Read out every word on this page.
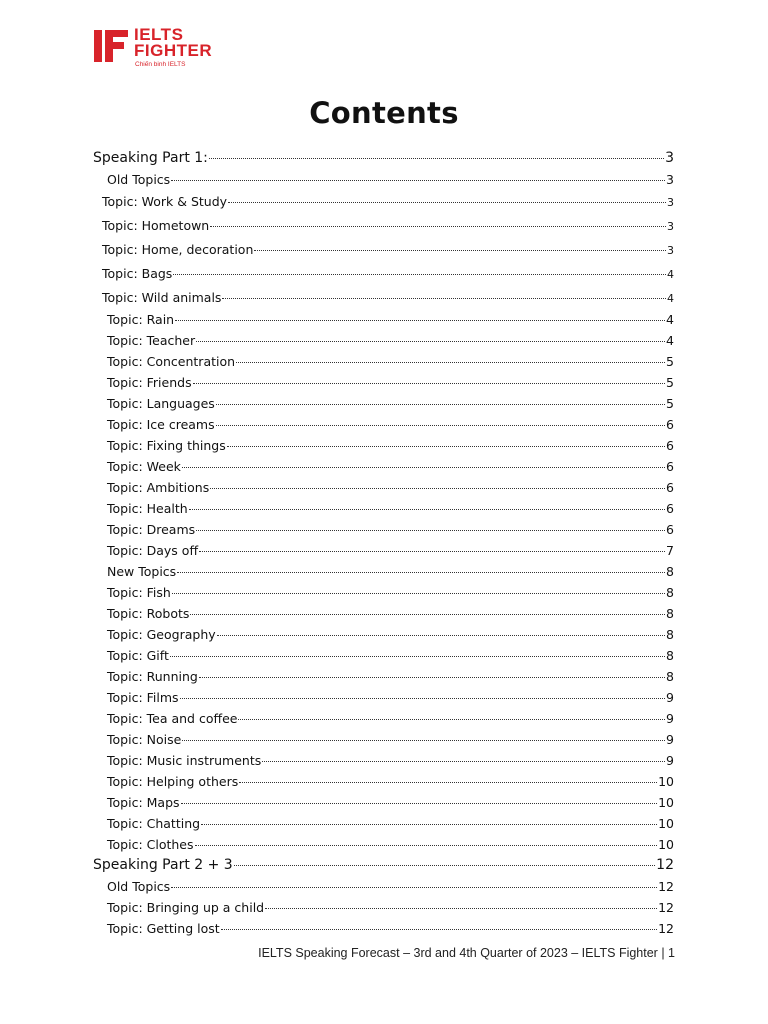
IELTS
FIGHTER
Chiến binh IELTS
Contents
Speaking Part 1:	3
Old Topics	3
Topic: Work & Study	3
Topic: Hometown	3
Topic: Home, decoration	3
Topic: Bags	4
Topic: Wild animals	4
Topic: Rain	4
Topic: Teacher	4
Topic: Concentration	5
Topic: Friends	5
Topic: Languages	5
Topic: Ice creams	6
Topic: Fixing things	6
Topic: Week	6
Topic: Ambitions	6
Topic: Health	6
Topic: Dreams	6
Topic: Days off	7
New Topics	8
Topic: Fish	8
Topic: Robots	8
Topic: Geography	8
Topic: Gift	8
Topic: Running	8
Topic: Films	9
Topic: Tea and coffee	9
Topic: Noise	9
Topic: Music instruments	9
Topic: Helping others	10
Topic: Maps	10
Topic: Chatting	10
Topic: Clothes	10
Speaking Part 2 + 3	12
Old Topics	12
Topic: Bringing up a child	12
Topic: Getting lost	12
IELTS Speaking Forecast – 3rd and 4th Quarter of 2023 – IELTS Fighter | 1
